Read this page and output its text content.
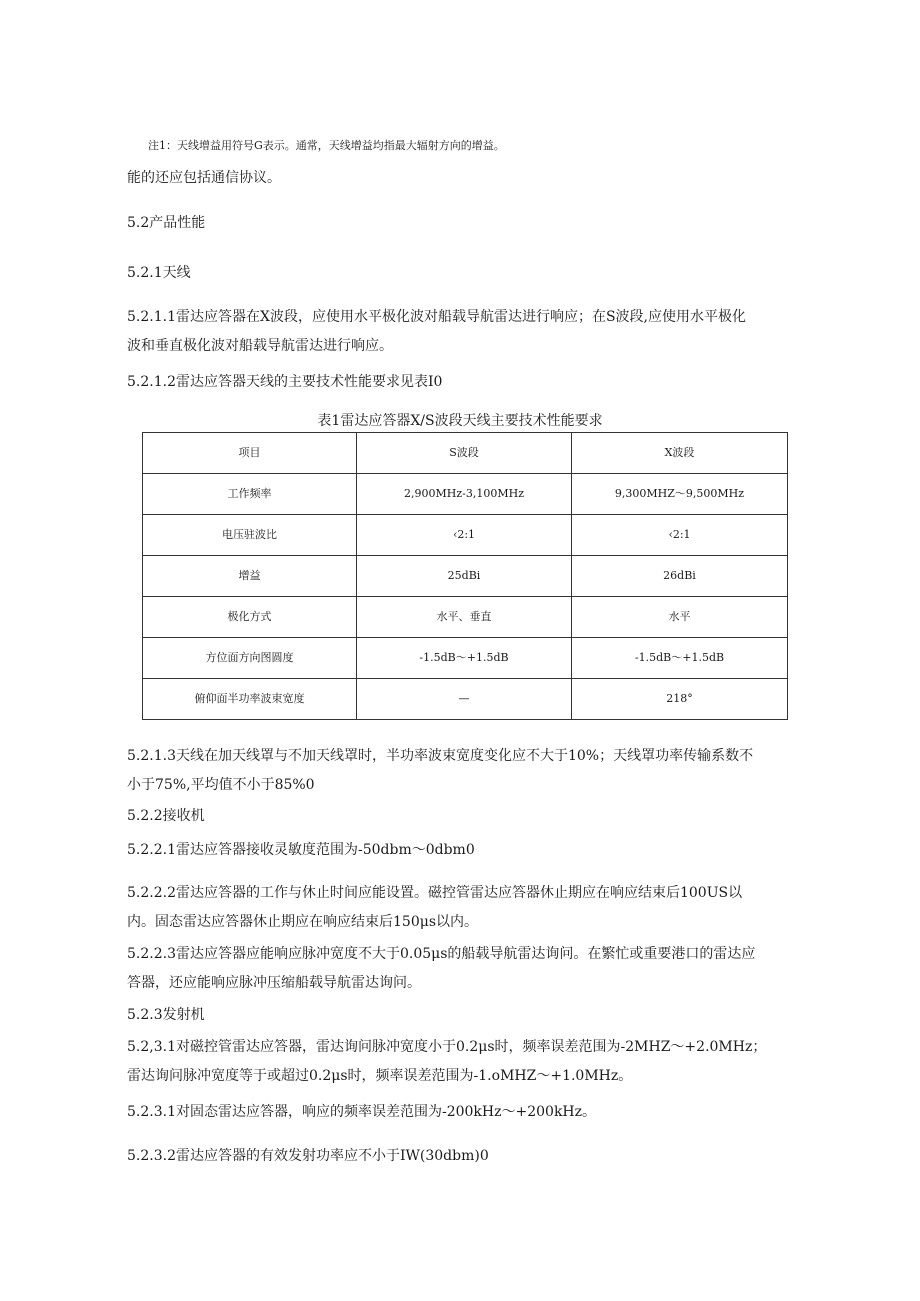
注1：天线增益用符号G表示。通常，天线增益均指最大辐射方向的增益。
能的还应包括通信协议。
5.2产品性能
5.2.1天线
5.2.1.1雷达应答器在X波段，应使用水平极化波对船载导航雷达进行响应；在S波段,应使用水平极化
波和垂直极化波对船载导航雷达进行响应。
5.2.1.2雷达应答器天线的主要技术性能要求见表I0
表1雷达应答器X/S波段天线主要技术性能要求
项目	S波段	X波段
工作频率	2,900MHz-3,100MHz	9,300MHZ～9,500MHz
电压驻波比	‹2:1	‹2:1
增益	25dBi	26dBi
极化方式	水平、垂直	水平
方位面方向图圆度	-1.5dB～+1.5dB	-1.5dB～+1.5dB
俯仰面半功率波束宽度	—	218°
5.2.1.3天线在加天线罩与不加天线罩时，半功率波束宽度变化应不大于10%；天线罩功率传输系数不
小于75%,平均值不小于85%0
5.2.2接收机
5.2.2.1雷达应答器接收灵敏度范围为-50dbm～0dbm0
5.2.2.2雷达应答器的工作与休止时间应能设置。磁控管雷达应答器休止期应在响应结束后100US以
内。固态雷达应答器休止期应在响应结束后150μs以内。
5.2.2.3雷达应答器应能响应脉冲宽度不大于0.05μs的船载导航雷达询问。在繁忙或重要港口的雷达应
答器，还应能响应脉冲压缩船载导航雷达询问。
5.2.3发射机
5.2,3.1对磁控管雷达应答器，雷达询问脉冲宽度小于0.2μs时，频率误差范围为-2MHZ～+2.0MHz；
雷达询问脉冲宽度等于或超过0.2μs时，频率误差范围为-1.oMHZ～+1.0MHz。
5.2.3.1对固态雷达应答器，响应的频率误差范围为-200kHz～+200kHz。
5.2.3.2雷达应答器的有效发射功率应不小于IW(30dbm)0
